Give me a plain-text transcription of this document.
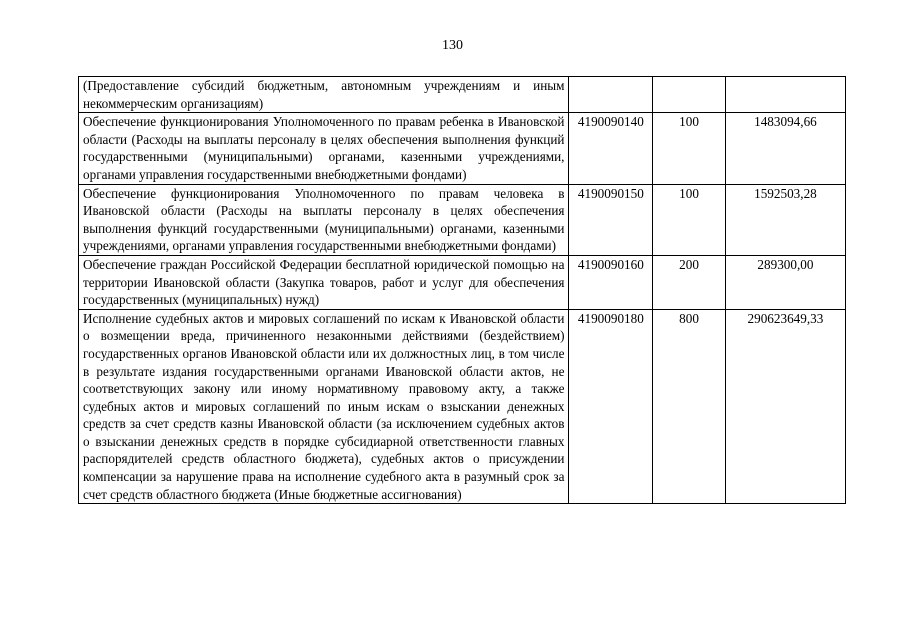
130
(Предоставление субсидий бюджетным, автономным учреждениям и иным некоммерческим организациям)			
Обеспечение функционирования Уполномоченного по правам ребенка в Ивановской области (Расходы на выплаты персоналу в целях обеспечения выполнения функций государственными (муниципальными) органами, казенными учреждениями, органами управления государственными внебюджетными фондами)	4190090140	100	1483094,66
Обеспечение функционирования Уполномоченного по правам человека в Ивановской области (Расходы на выплаты персоналу в целях обеспечения выполнения функций государственными (муниципальными) органами, казенными учреждениями, органами управления государственными внебюджетными фондами)	4190090150	100	1592503,28
Обеспечение граждан Российской Федерации бесплатной юридической помощью на территории Ивановской области (Закупка товаров, работ и услуг для обеспечения государственных (муниципальных) нужд)	4190090160	200	289300,00
Исполнение судебных актов и мировых соглашений по искам к Ивановской области о возмещении вреда, причиненного незаконными действиями (бездействием) государственных органов Ивановской области или их должностных лиц, в том числе в результате издания государственными органами Ивановской области актов, не соответствующих закону или иному нормативному правовому акту, а также судебных актов и мировых соглашений по иным искам о взыскании денежных средств за счет средств казны Ивановской области (за исключением судебных актов о взыскании денежных средств в порядке субсидиарной ответственности главных распорядителей средств областного бюджета), судебных актов о присуждении компенсации за нарушение права на исполнение судебного акта в разумный срок за счет средств областного бюджета (Иные бюджетные ассигнования)	4190090180	800	290623649,33
